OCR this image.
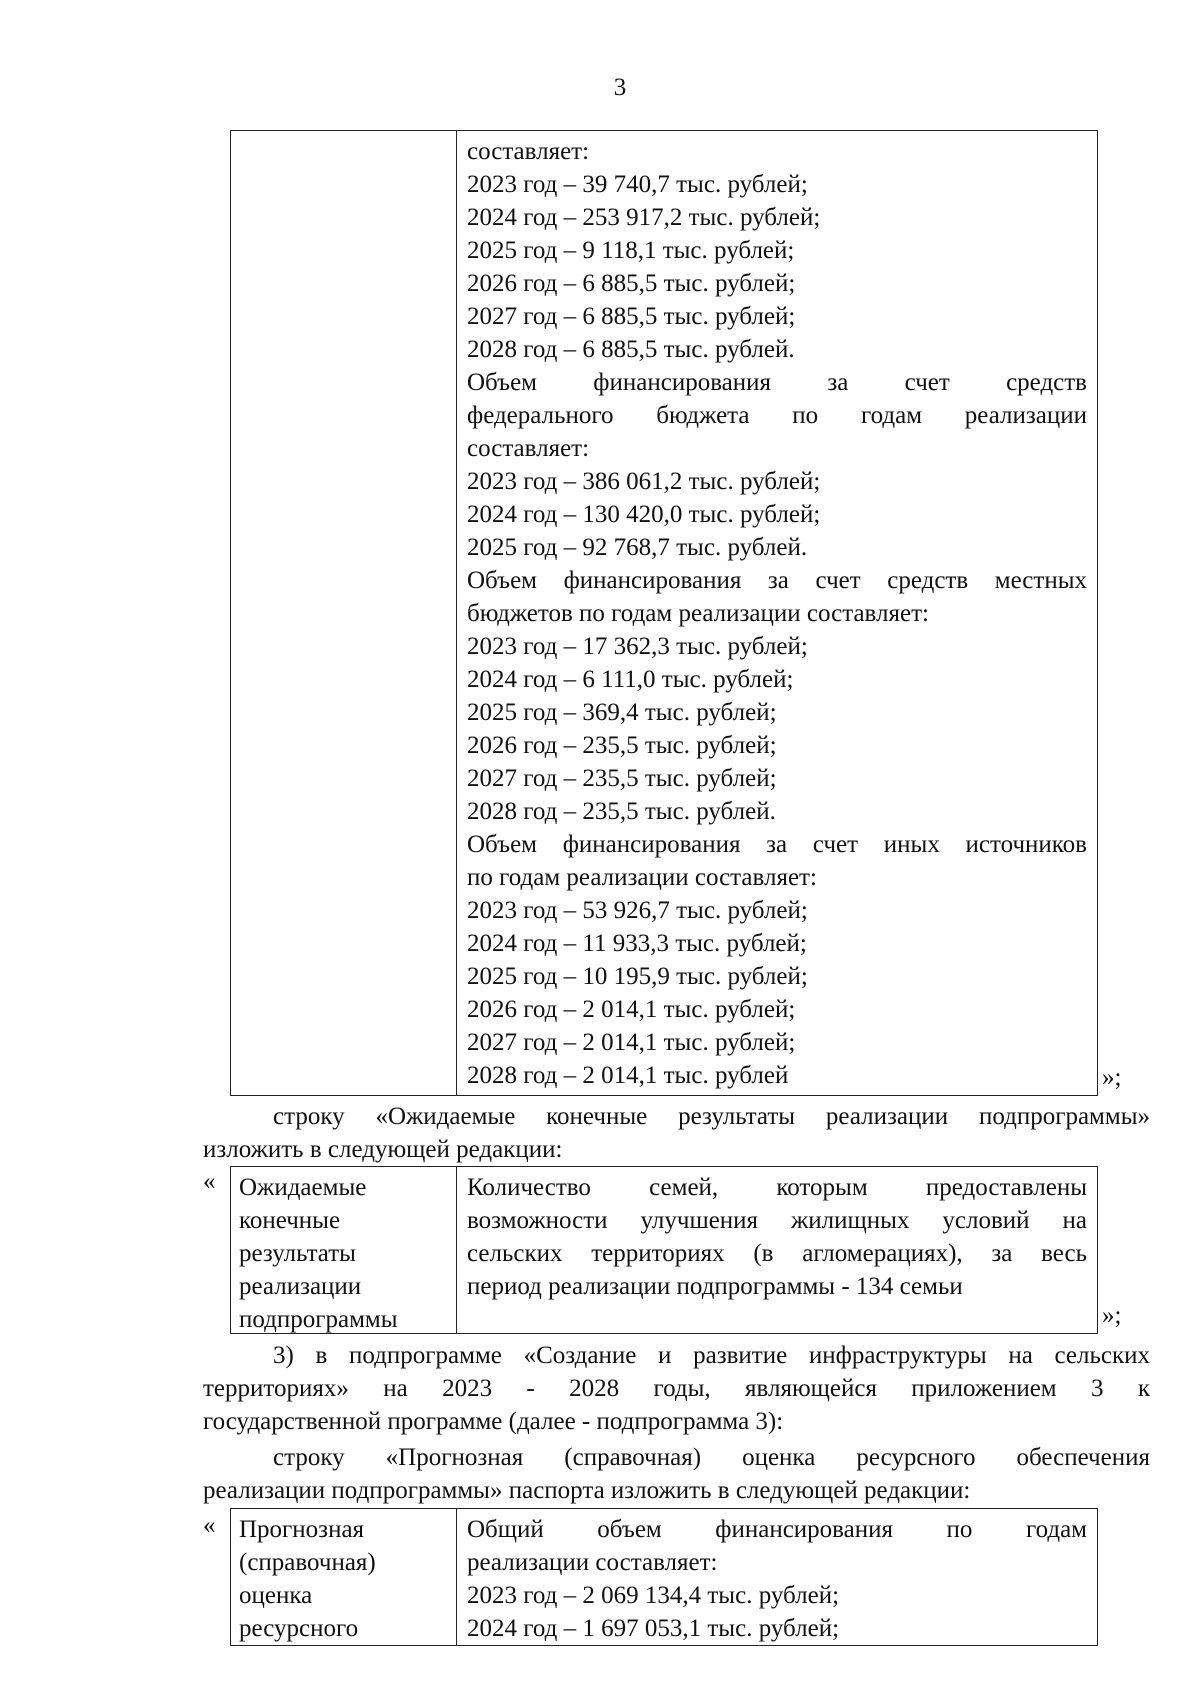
3
составляет:
2023 год – 39 740,7 тыс. рублей;
2024 год – 253 917,2 тыс. рублей;
2025 год – 9 118,1 тыс. рублей;
2026 год – 6 885,5 тыс. рублей;
2027 год – 6 885,5 тыс. рублей;
2028 год – 6 885,5 тыс. рублей.
Объем финансирования за счет средств
федерального бюджета по годам реализации
составляет:
2023 год – 386 061,2 тыс. рублей;
2024 год – 130 420,0 тыс. рублей;
2025 год – 92 768,7 тыс. рублей.
Объем финансирования за счет средств местных
бюджетов по годам реализации составляет:
2023 год – 17 362,3 тыс. рублей;
2024 год – 6 111,0 тыс. рублей;
2025 год – 369,4 тыс. рублей;
2026 год – 235,5 тыс. рублей;
2027 год – 235,5 тыс. рублей;
2028 год – 235,5 тыс. рублей.
Объем финансирования за счет иных источников
по годам реализации составляет:
2023 год – 53 926,7 тыс. рублей;
2024 год – 11 933,3 тыс. рублей;
2025 год – 10 195,9 тыс. рублей;
2026 год – 2 014,1 тыс. рублей;
2027 год – 2 014,1 тыс. рублей;
2028 год – 2 014,1 тыс. рублей	»;
строку «Ожидаемые конечные результаты реализации подпрограммы»
изложить в следующей редакции:
« Ожидаемые
конечные
результаты
реализации
подпрограммы
Количество семей, которым предоставлены
возможности улучшения жилищных условий на
сельских территориях (в агломерациях), за весь
период реализации подпрограммы - 134 семьи
»;
3) в подпрограмме «Создание и развитие инфраструктуры на сельских
территориях» на 2023 - 2028 годы, являющейся приложением 3 к
государственной программе (далее - подпрограмма 3):
строку «Прогнозная (справочная) оценка ресурсного обеспечения
реализации подпрограммы» паспорта изложить в следующей редакции:
« Прогнозная
(справочная)
оценка
ресурсного
Общий объем финансирования по годам
реализации составляет:
2023 год – 2 069 134,4 тыс. рублей;
2024 год – 1 697 053,1 тыс. рублей;
